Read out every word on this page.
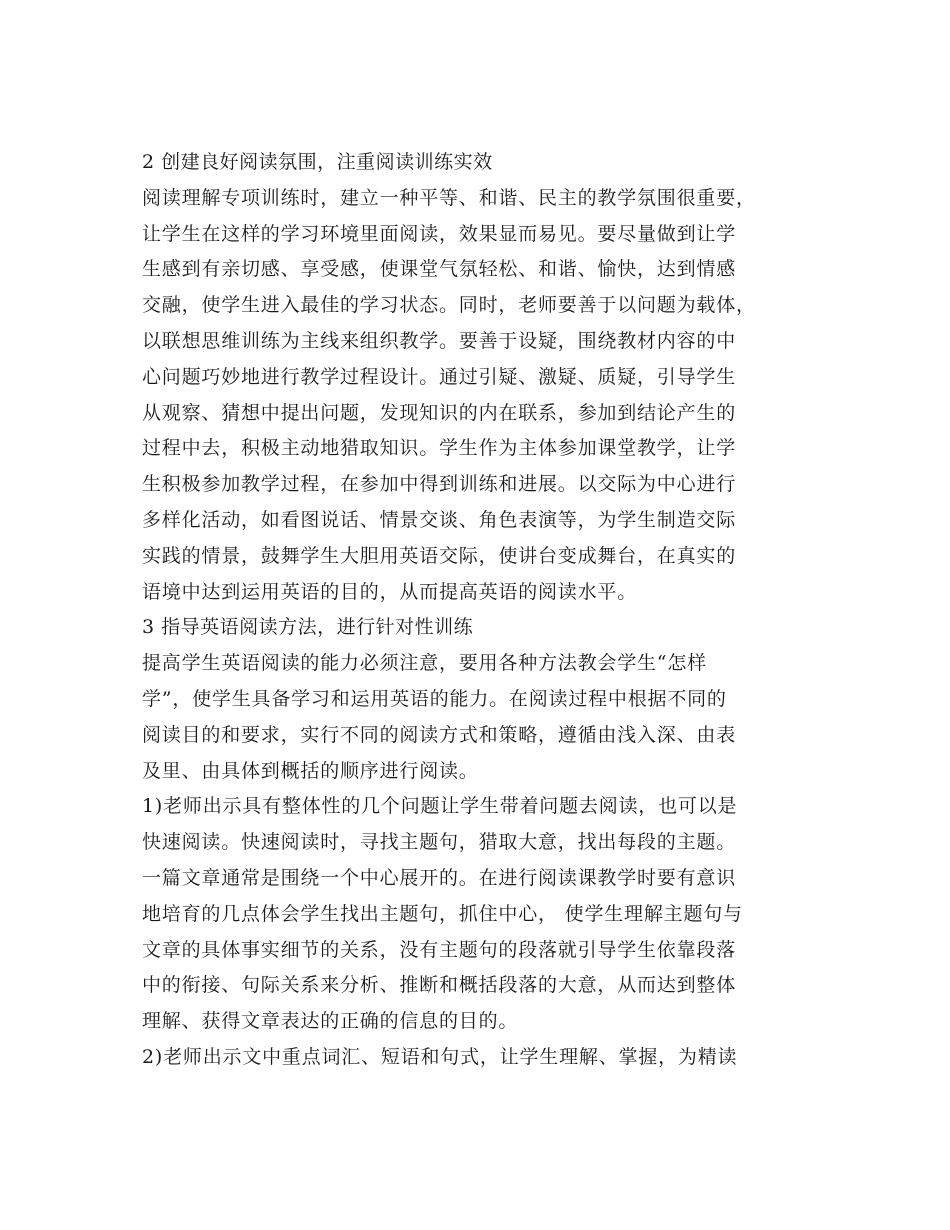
2 创建良好阅读氛围，注重阅读训练实效
阅读理解专项训练时，建立一种平等、和谐、民主的教学氛围很重要，
让学生在这样的学习环境里面阅读，效果显而易见。要尽量做到让学
生感到有亲切感、享受感，使课堂气氛轻松、和谐、愉快，达到情感
交融，使学生进入最佳的学习状态。同时，老师要善于以问题为载体，
以联想思维训练为主线来组织教学。要善于设疑，围绕教材内容的中
心问题巧妙地进行教学过程设计。通过引疑、激疑、质疑，引导学生
从观察、猜想中提出问题，发现知识的内在联系，参加到结论产生的
过程中去，积极主动地猎取知识。学生作为主体参加课堂教学，让学
生积极参加教学过程，在参加中得到训练和进展。以交际为中心进行
多样化活动，如看图说话、情景交谈、角色表演等，为学生制造交际
实践的情景，鼓舞学生大胆用英语交际，使讲台变成舞台，在真实的
语境中达到运用英语的目的，从而提高英语的阅读水平。
3 指导英语阅读方法，进行针对性训练
提高学生英语阅读的能力必须注意，要用各种方法教会学生“怎样
学”，使学生具备学习和运用英语的能力。在阅读过程中根据不同的
阅读目的和要求，实行不同的阅读方式和策略，遵循由浅入深、由表
及里、由具体到概括的顺序进行阅读。
1)老师出示具有整体性的几个问题让学生带着问题去阅读，也可以是
快速阅读。快速阅读时，寻找主题句，猎取大意，找出每段的主题。
一篇文章通常是围绕一个中心展开的。在进行阅读课教学时要有意识
地培育的几点体会学生找出主题句，抓住中心， 使学生理解主题句与
文章的具体事实细节的关系，没有主题句的段落就引导学生依靠段落
中的衔接、句际关系来分析、推断和概括段落的大意，从而达到整体
理解、获得文章表达的正确的信息的目的。
2)老师出示文中重点词汇、短语和句式，让学生理解、掌握，为精读
